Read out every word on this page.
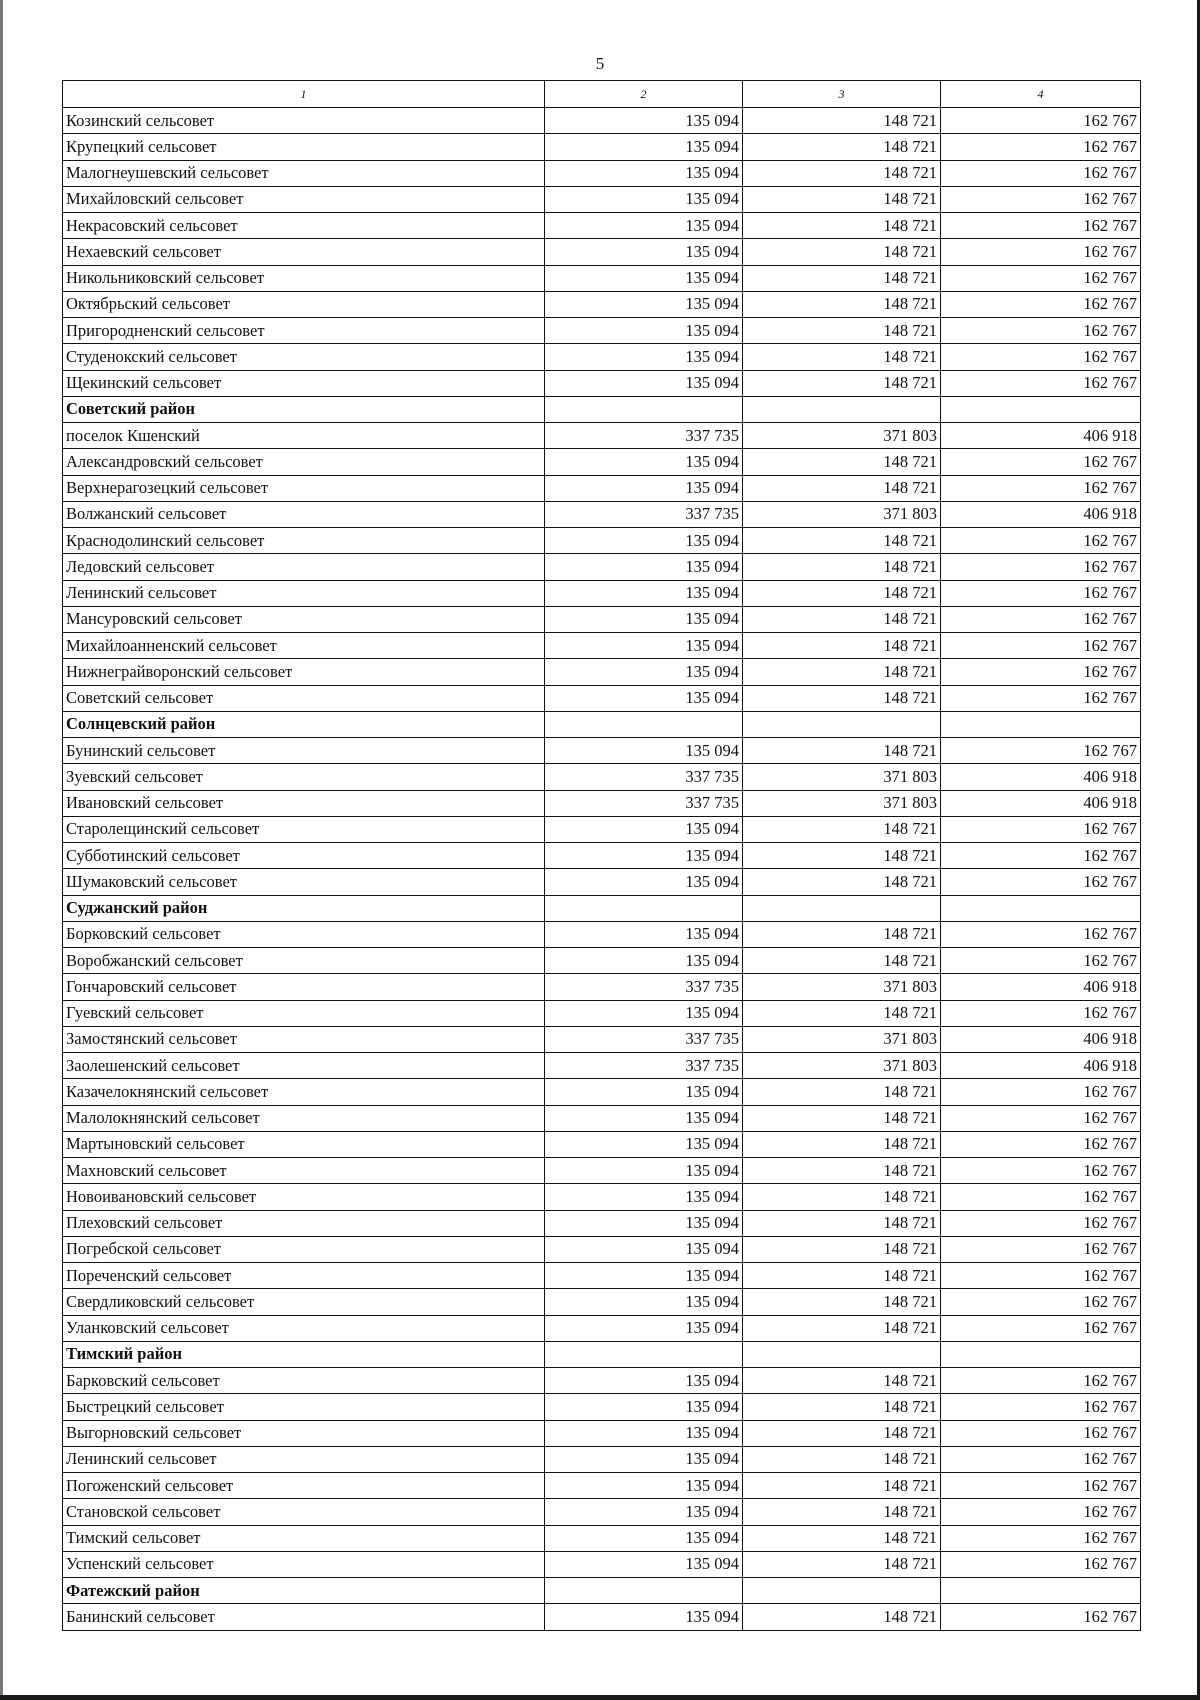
5
1	2	3	4
Козинский сельсовет	135 094	148 721	162 767
Крупецкий сельсовет	135 094	148 721	162 767
Малогнеушевский сельсовет	135 094	148 721	162 767
Михайловский сельсовет	135 094	148 721	162 767
Некрасовский сельсовет	135 094	148 721	162 767
Нехаевский сельсовет	135 094	148 721	162 767
Никольниковский сельсовет	135 094	148 721	162 767
Октябрьский сельсовет	135 094	148 721	162 767
Пригородненский сельсовет	135 094	148 721	162 767
Студенокский сельсовет	135 094	148 721	162 767
Щекинский сельсовет	135 094	148 721	162 767
Советский район			
поселок Кшенский	337 735	371 803	406 918
Александровский сельсовет	135 094	148 721	162 767
Верхнерагозецкий сельсовет	135 094	148 721	162 767
Волжанский сельсовет	337 735	371 803	406 918
Краснодолинский сельсовет	135 094	148 721	162 767
Ледовский сельсовет	135 094	148 721	162 767
Ленинский сельсовет	135 094	148 721	162 767
Мансуровский сельсовет	135 094	148 721	162 767
Михайлоанненский сельсовет	135 094	148 721	162 767
Нижнеграйворонский сельсовет	135 094	148 721	162 767
Советский сельсовет	135 094	148 721	162 767
Солнцевский район			
Бунинский сельсовет	135 094	148 721	162 767
Зуевский сельсовет	337 735	371 803	406 918
Ивановский сельсовет	337 735	371 803	406 918
Старолещинский сельсовет	135 094	148 721	162 767
Субботинский сельсовет	135 094	148 721	162 767
Шумаковский сельсовет	135 094	148 721	162 767
Суджанский район			
Борковский сельсовет	135 094	148 721	162 767
Воробжанский сельсовет	135 094	148 721	162 767
Гончаровский сельсовет	337 735	371 803	406 918
Гуевский сельсовет	135 094	148 721	162 767
Замостянский сельсовет	337 735	371 803	406 918
Заолешенский сельсовет	337 735	371 803	406 918
Казачелокнянский сельсовет	135 094	148 721	162 767
Малолокнянский сельсовет	135 094	148 721	162 767
Мартыновский сельсовет	135 094	148 721	162 767
Махновский сельсовет	135 094	148 721	162 767
Новоивановский сельсовет	135 094	148 721	162 767
Плеховский сельсовет	135 094	148 721	162 767
Погребской сельсовет	135 094	148 721	162 767
Пореченский сельсовет	135 094	148 721	162 767
Свердликовский сельсовет	135 094	148 721	162 767
Уланковский сельсовет	135 094	148 721	162 767
Тимский район			
Барковский сельсовет	135 094	148 721	162 767
Быстрецкий сельсовет	135 094	148 721	162 767
Выгорновский сельсовет	135 094	148 721	162 767
Ленинский сельсовет	135 094	148 721	162 767
Погоженский сельсовет	135 094	148 721	162 767
Становской сельсовет	135 094	148 721	162 767
Тимский сельсовет	135 094	148 721	162 767
Успенский сельсовет	135 094	148 721	162 767
Фатежский район			
Банинский сельсовет	135 094	148 721	162 767
